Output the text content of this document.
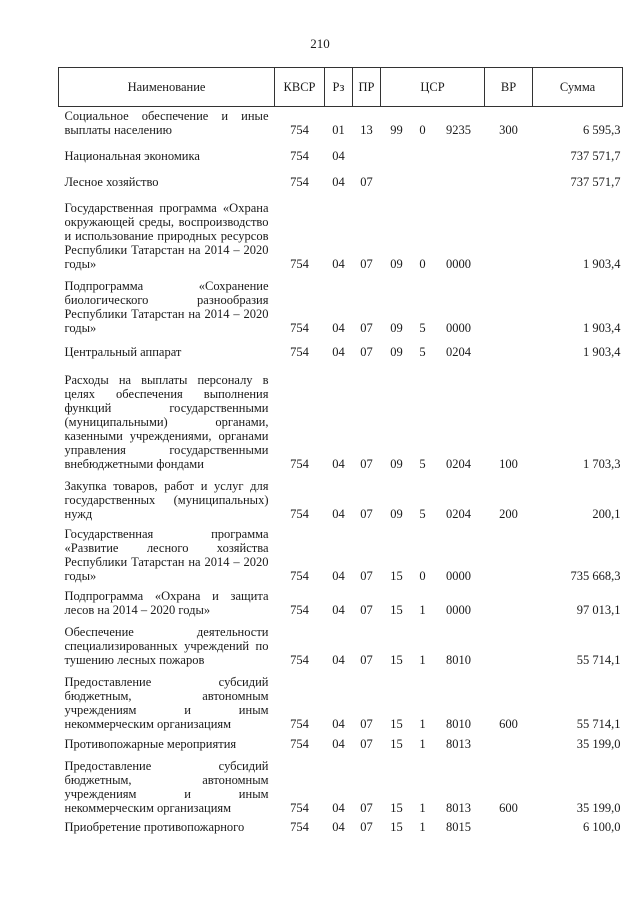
210
Наименование	КВСР	Рз	ПР	ЦСР			ВР	Сумма
Социальное обеспечение и иные выплаты населению	754	01	13	99	0	9235	300	6 595,3
Национальная экономика	754	04						737 571,7
Лесное хозяйство	754	04	07					737 571,7
Государственная программа «Охрана окружающей среды, воспроизводство и использование природных ресурсов Республики Татарстан на 2014 – 2020 годы»	754	04	07	09	0	0000		1 903,4
Подпрограмма «Сохранение биологического разнообразия Республики Татарстан на 2014 – 2020 годы»	754	04	07	09	5	0000		1 903,4
Центральный аппарат	754	04	07	09	5	0204		1 903,4
Расходы на выплаты персоналу в целях обеспечения выполнения функций государственными (муниципальными) органами, казенными учреждениями, органами управления государственными внебюджетными фондами	754	04	07	09	5	0204	100	1 703,3
Закупка товаров, работ и услуг для государственных (муниципальных) нужд	754	04	07	09	5	0204	200	200,1
Государственная программа «Развитие лесного хозяйства Республики Татарстан на 2014 – 2020 годы»	754	04	07	15	0	0000		735 668,3
Подпрограмма «Охрана и защита лесов на 2014 – 2020 годы»	754	04	07	15	1	0000		97 013,1
Обеспечение деятельности специализированных учреждений по тушению лесных пожаров	754	04	07	15	1	8010		55 714,1
Предоставление субсидий бюджетным, автономным учреждениям и иным некоммерческим организациям	754	04	07	15	1	8010	600	55 714,1
Противопожарные мероприятия	754	04	07	15	1	8013		35 199,0
Предоставление субсидий бюджетным, автономным учреждениям и иным некоммерческим организациям	754	04	07	15	1	8013	600	35 199,0
Приобретение противопожарного	754	04	07	15	1	8015		6 100,0
